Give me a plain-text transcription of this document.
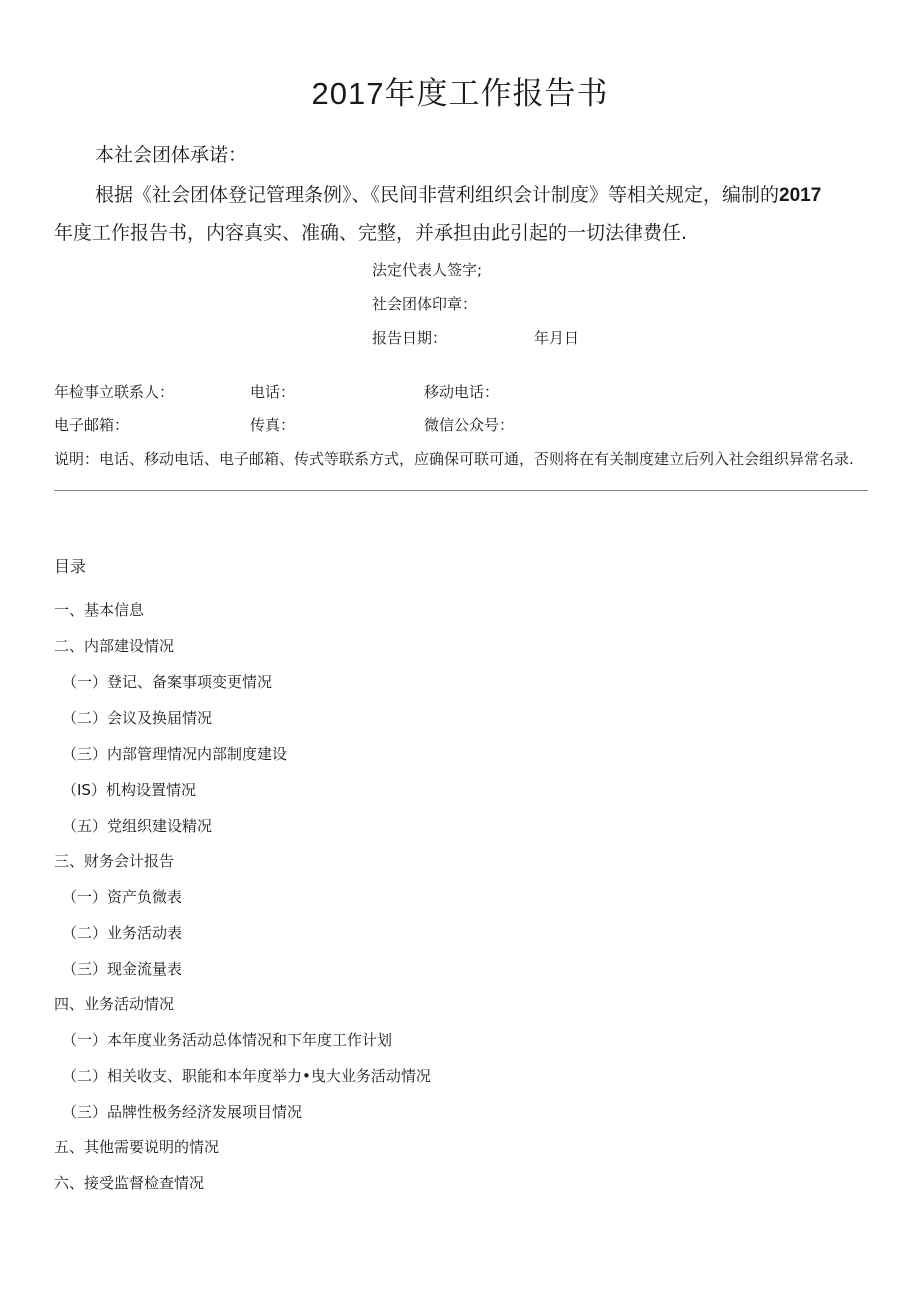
2017年度工作报告书
本社会团体承诺：
根据《社会团体登记管理条例》、《民间非营利组织会计制度》等相关规定，编制的2017
年度工作报告书，内容真实、准确、完整，并承担由此引起的一切法律费任.
法定代表人签字;
社会团体印章：
报告日期：	年月日
年检事立联系人：	电话：	移动电话：
电子邮箱：	传真：	微信公众号：
说明：电话、移动电话、电子邮箱、传式等联系方式，应确保可联可通，否则将在有关制度建立后列入社会组织异常名录.
目录
一、基本信息
二、内部建设情况
（一）登记、备案事项变更情况
（二）会议及换届情况
（三）内部管理情况内部制度建设
（IS）机构设置情况
（五）党组织建设精况
三、财务会计报告
（一）资产负微表
（二）业务活动表
（三）现金流量表
四、业务活动情况
（一）本年度业务活动总体情况和下年度工作计划
（二）相关收支、职能和本年度举力•曳大业务活动情况
（三）品牌性极务经济发展项目情况
五、其他需要说明的情况
六、接受监督检查情况
